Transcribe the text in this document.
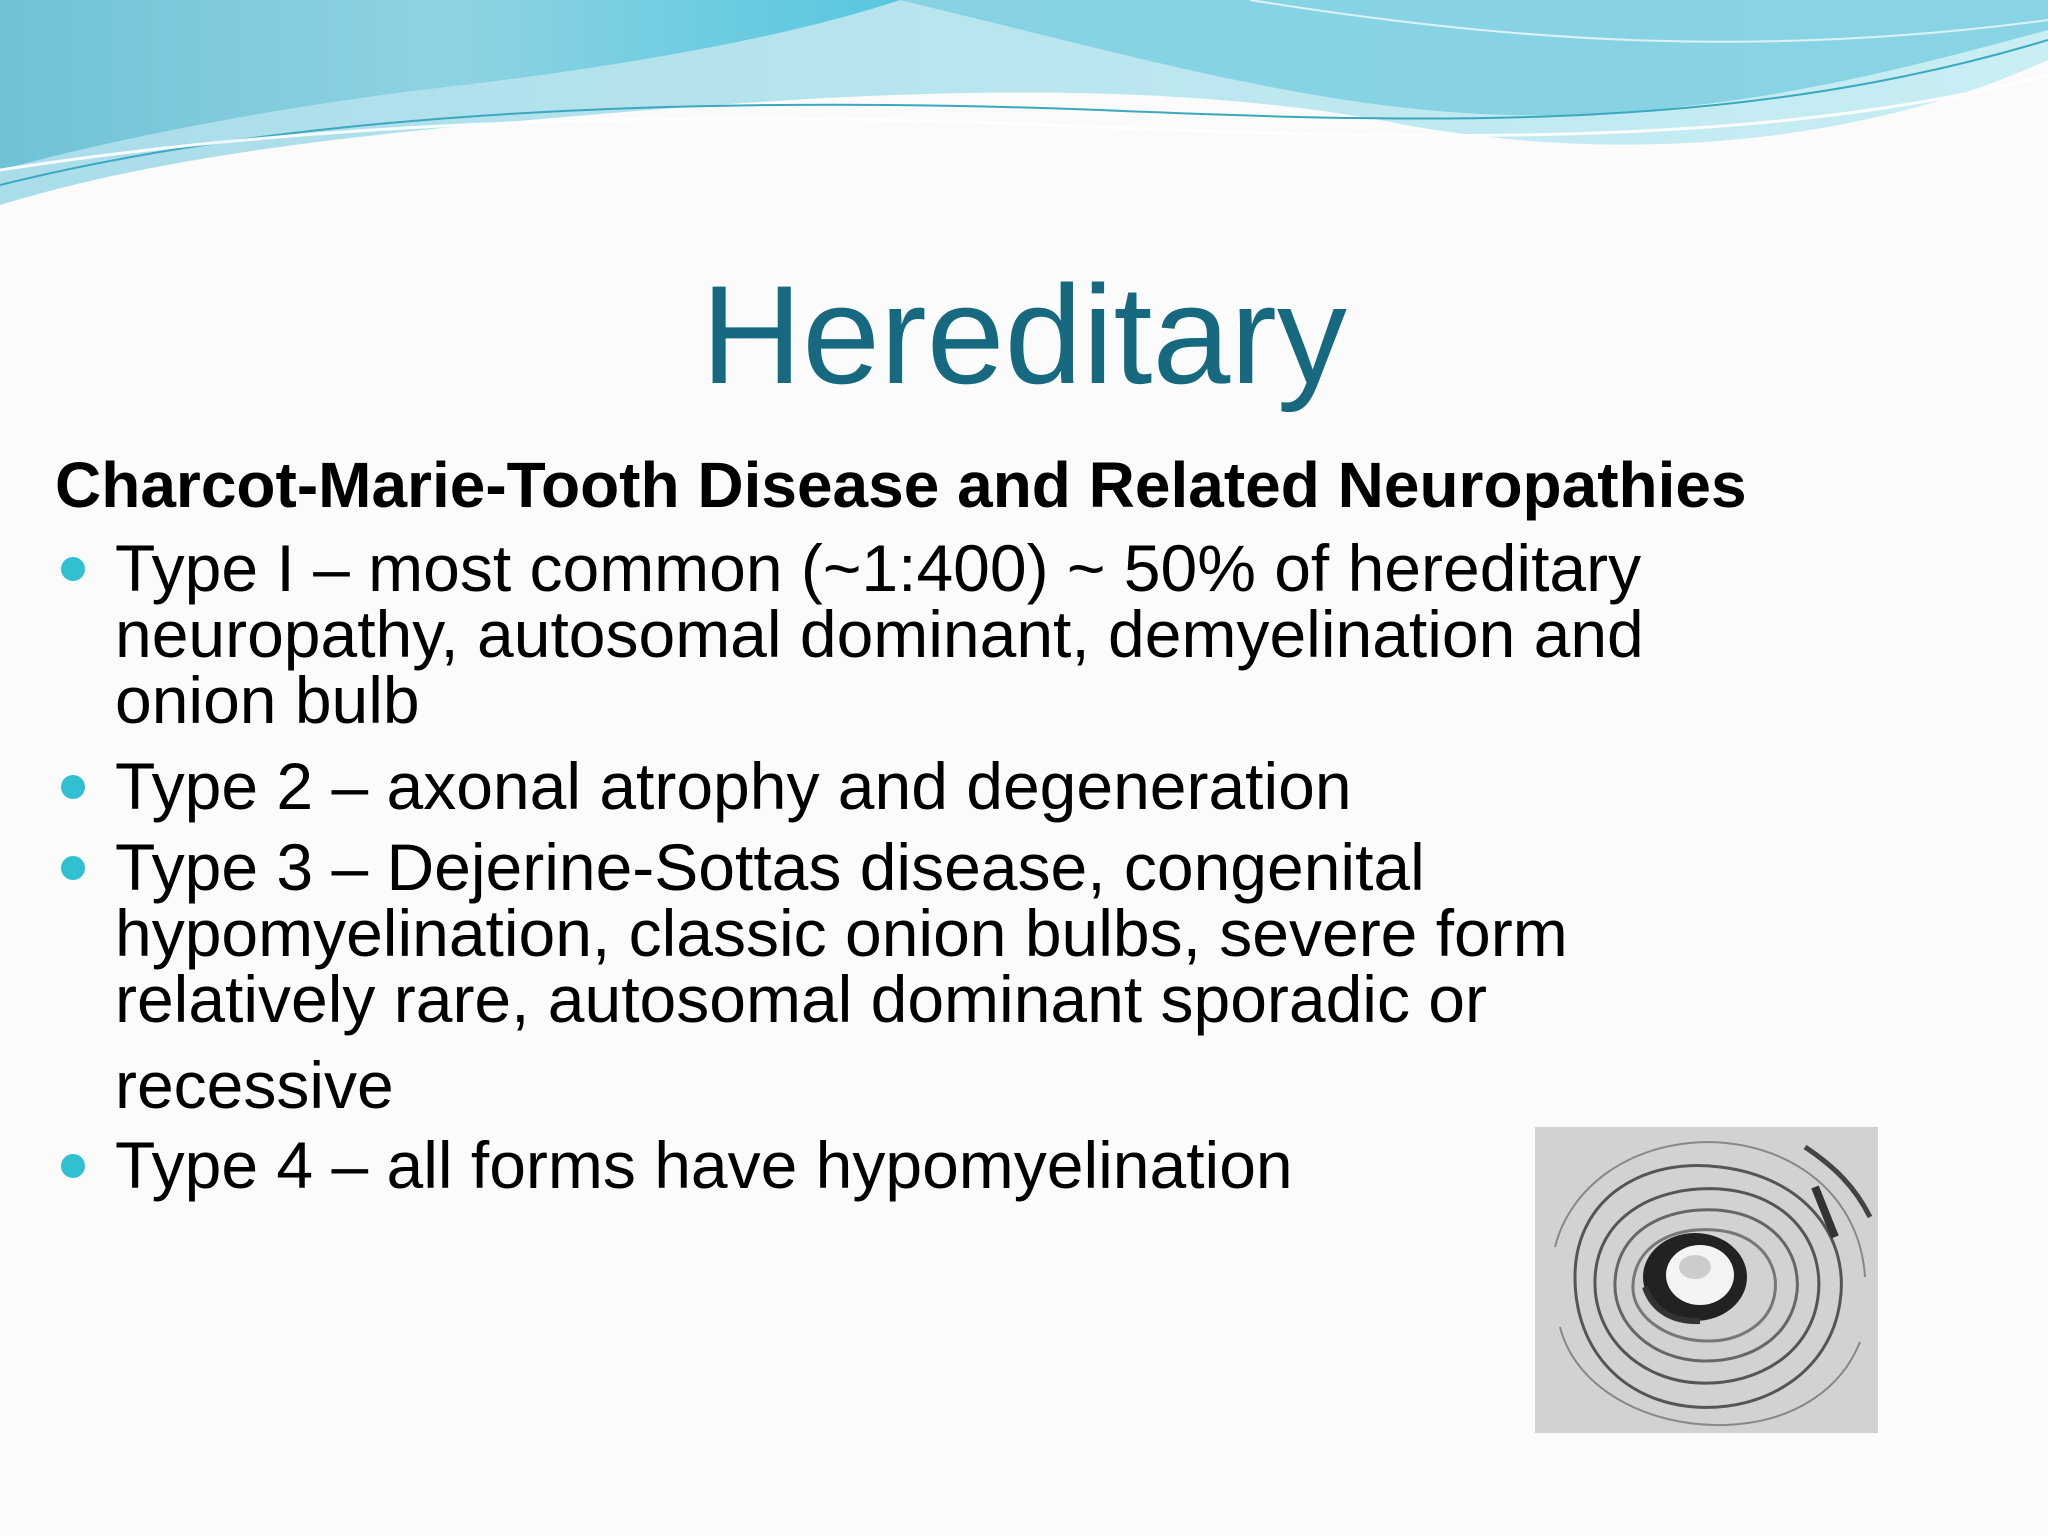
Hereditary
Charcot-Marie-Tooth Disease and Related Neuropathies
Type I – most common (~1:400) ~ 50% of hereditary
neuropathy, autosomal dominant, demyelination and
onion bulb
Type 2 – axonal atrophy and degeneration
Type 3 – Dejerine-Sottas disease, congenital
hypomyelination, classic onion bulbs, severe form
relatively rare, autosomal dominant sporadic or
recessive
Type 4 – all forms have hypomyelination
